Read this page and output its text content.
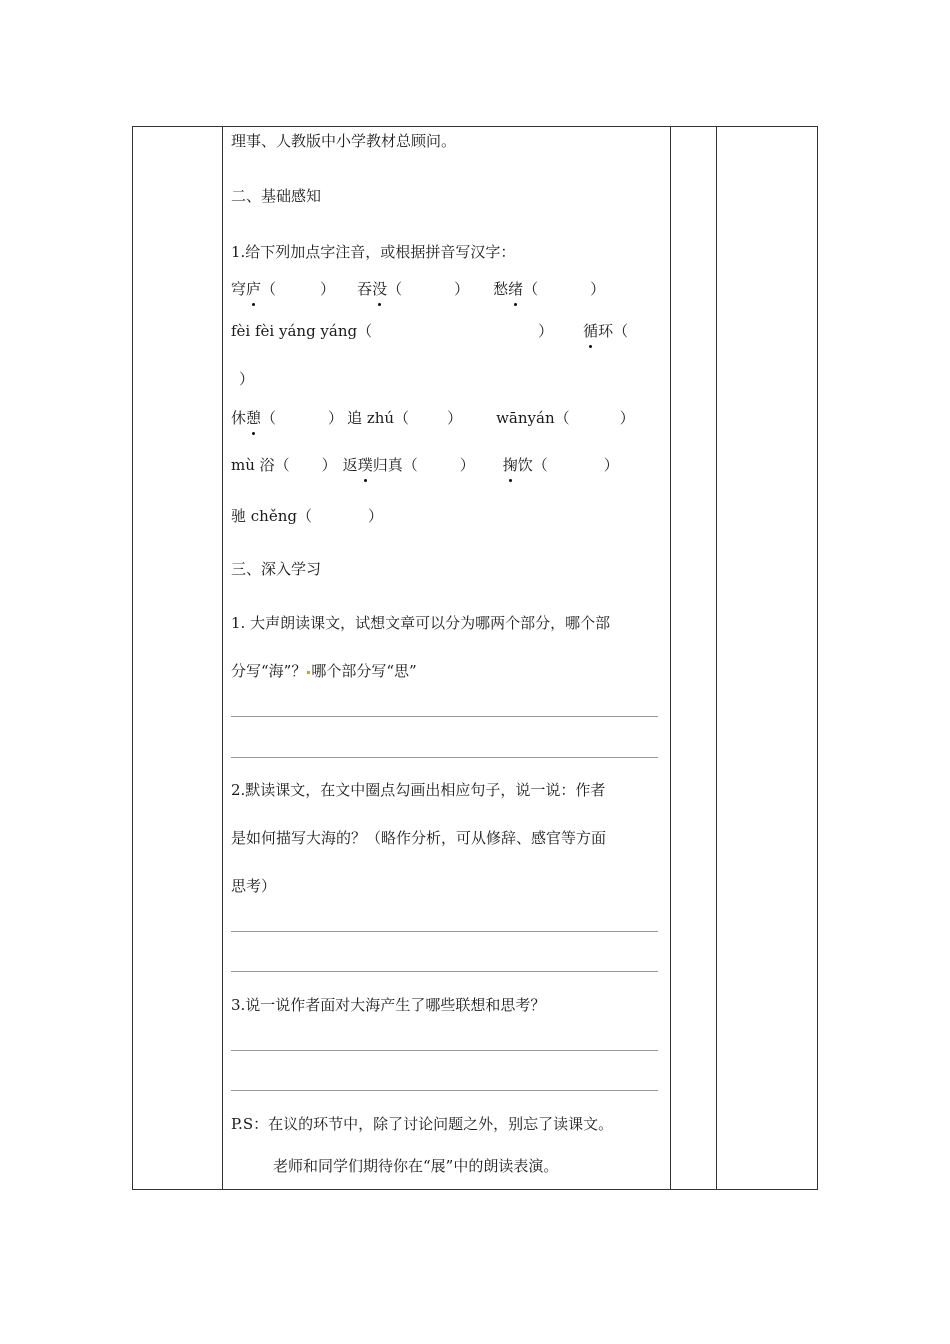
理事、人教版中小学教材总顾问。
二、基础感知
1.给下列加点字注音，或根据拼音写汉字：
穹庐（	） 吞没（	） 愁绪（	）
fèi fèi yáng yáng（	） 循环（
）
休憩（	） 追 zhú（	） wānyán（	）
mù 浴（ ） 返璞归真（	） 掬饮（	）
驰 chěng（	）
三、深入学习
1. 大声朗读课文，试想文章可以分为哪两个部分，哪个部
分写“海”？ 哪个部分写“思”
2.默读课文，在文中圈点勾画出相应句子，说一说：作者
是如何描写大海的？（略作分析，可从修辞、感官等方面
思考）
3.说一说作者面对大海产生了哪些联想和思考？
P.S：在议的环节中，除了讨论问题之外，别忘了读课文。
老师和同学们期待你在“展”中的朗读表演。
